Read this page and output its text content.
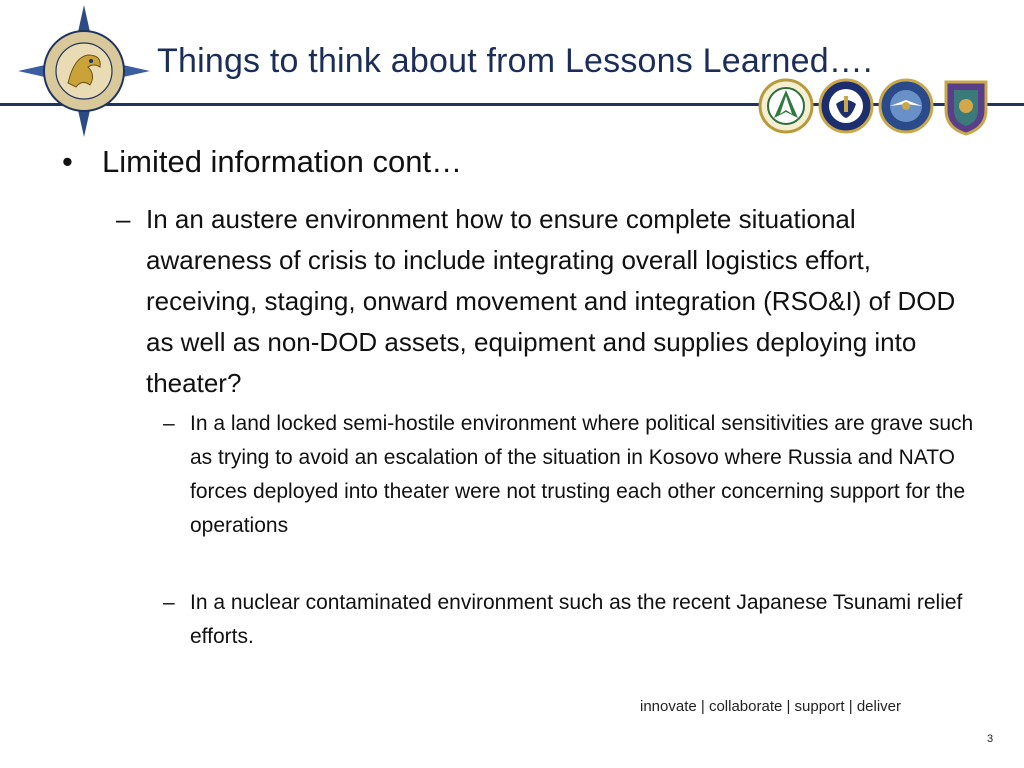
Things to think about from Lessons Learned….
• Limited information cont…
– In an austere environment how to ensure complete situational awareness of crisis to include integrating overall logistics effort, receiving, staging, onward movement and integration (RSO&I) of DOD as well as non-DOD assets, equipment and supplies deploying into theater?
– In a land locked semi-hostile environment where political sensitivities are grave such as trying to avoid an escalation of the situation in Kosovo where Russia and NATO forces deployed into theater were not trusting each other concerning support for the operations
– In a nuclear contaminated environment such as the recent Japanese Tsunami relief efforts.
innovate | collaborate | support | deliver
3
